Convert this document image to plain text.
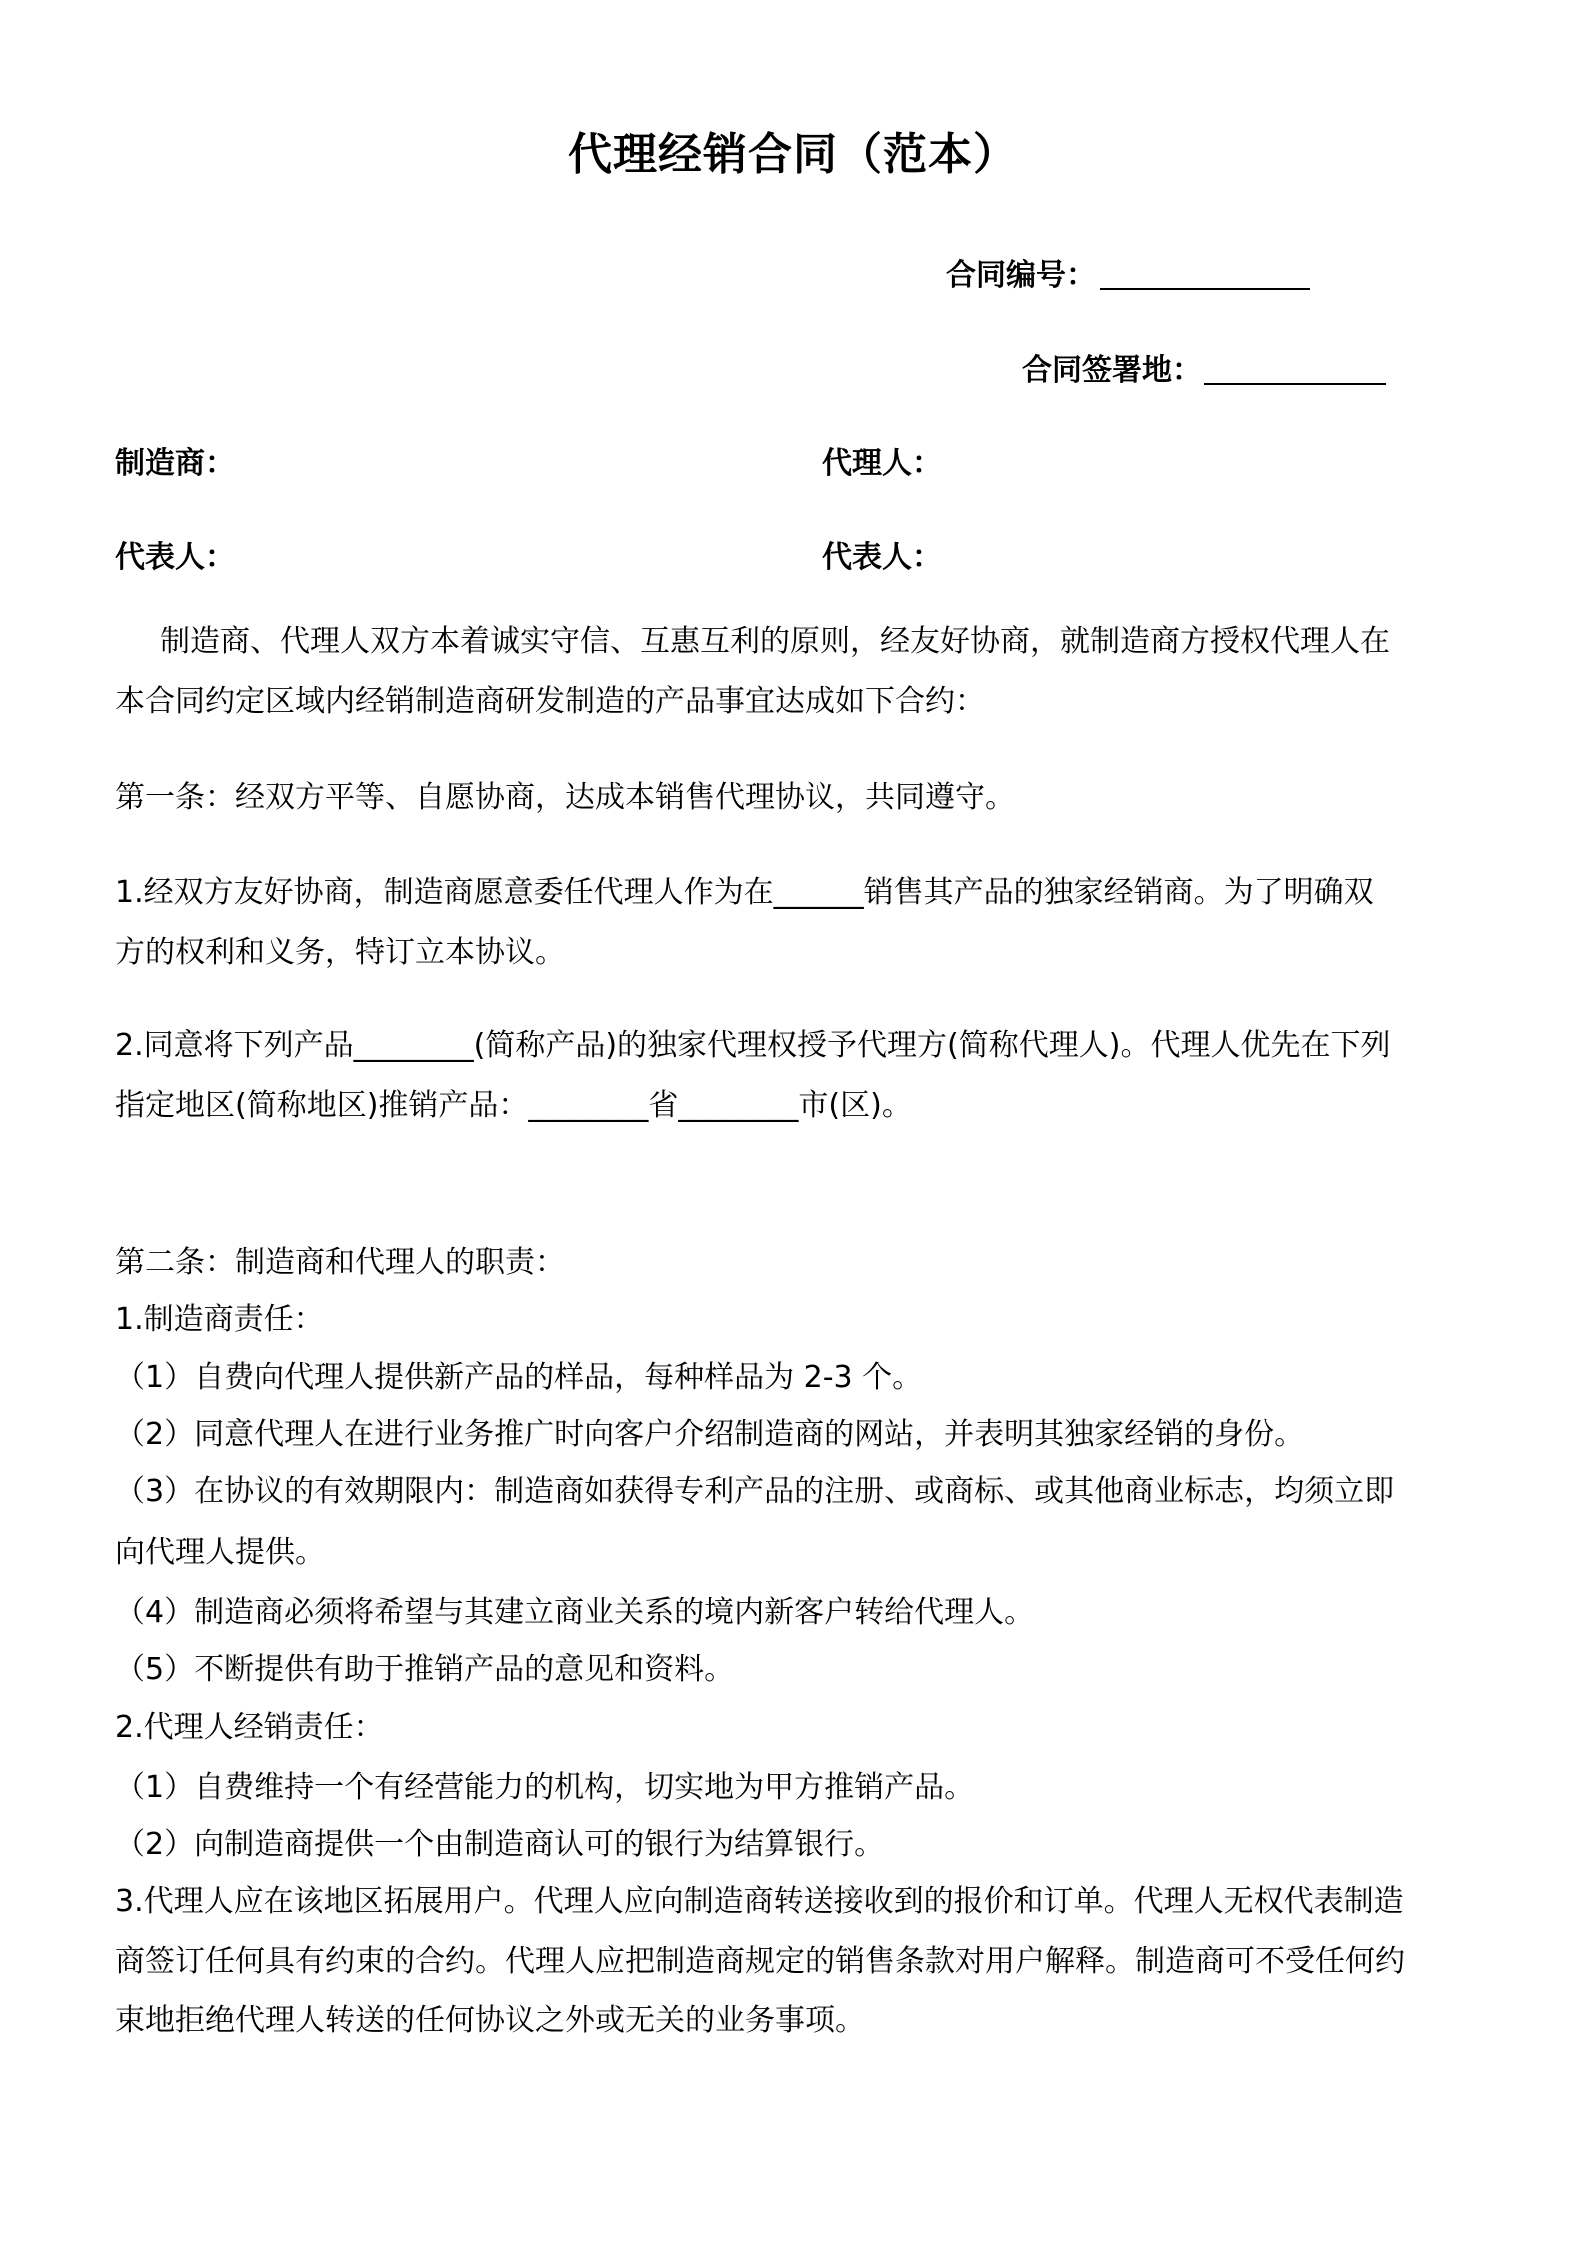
代理经销合同（范本）
合同编号：
合同签署地：
制造商：	代理人：
代表人：	代表人：
制造商、代理人双方本着诚实守信、互惠互利的原则，经友好协商，就制造商方授权代理人在
本合同约定区域内经销制造商研发制造的产品事宜达成如下合约：
第一条：经双方平等、自愿协商，达成本销售代理协议，共同遵守。
1.经双方友好协商，制造商愿意委任代理人作为在______销售其产品的独家经销商。为了明确双
方的权利和义务，特订立本协议。
2.同意将下列产品________(简称产品)的独家代理权授予代理方(简称代理人)。代理人优先在下列
指定地区(简称地区)推销产品：________省________市(区)。
第二条：制造商和代理人的职责：
1.制造商责任：
（1）自费向代理人提供新产品的样品，每种样品为 2-3 个。
（2）同意代理人在进行业务推广时向客户介绍制造商的网站，并表明其独家经销的身份。
（3）在协议的有效期限内：制造商如获得专利产品的注册、或商标、或其他商业标志，均须立即
向代理人提供。
（4）制造商必须将希望与其建立商业关系的境内新客户转给代理人。
（5）不断提供有助于推销产品的意见和资料。
2.代理人经销责任：
（1）自费维持一个有经营能力的机构，切实地为甲方推销产品。
（2）向制造商提供一个由制造商认可的银行为结算银行。
3.代理人应在该地区拓展用户。代理人应向制造商转送接收到的报价和订单。代理人无权代表制造
商签订任何具有约束的合约。代理人应把制造商规定的销售条款对用户解释。制造商可不受任何约
束地拒绝代理人转送的任何协议之外或无关的业务事项。
